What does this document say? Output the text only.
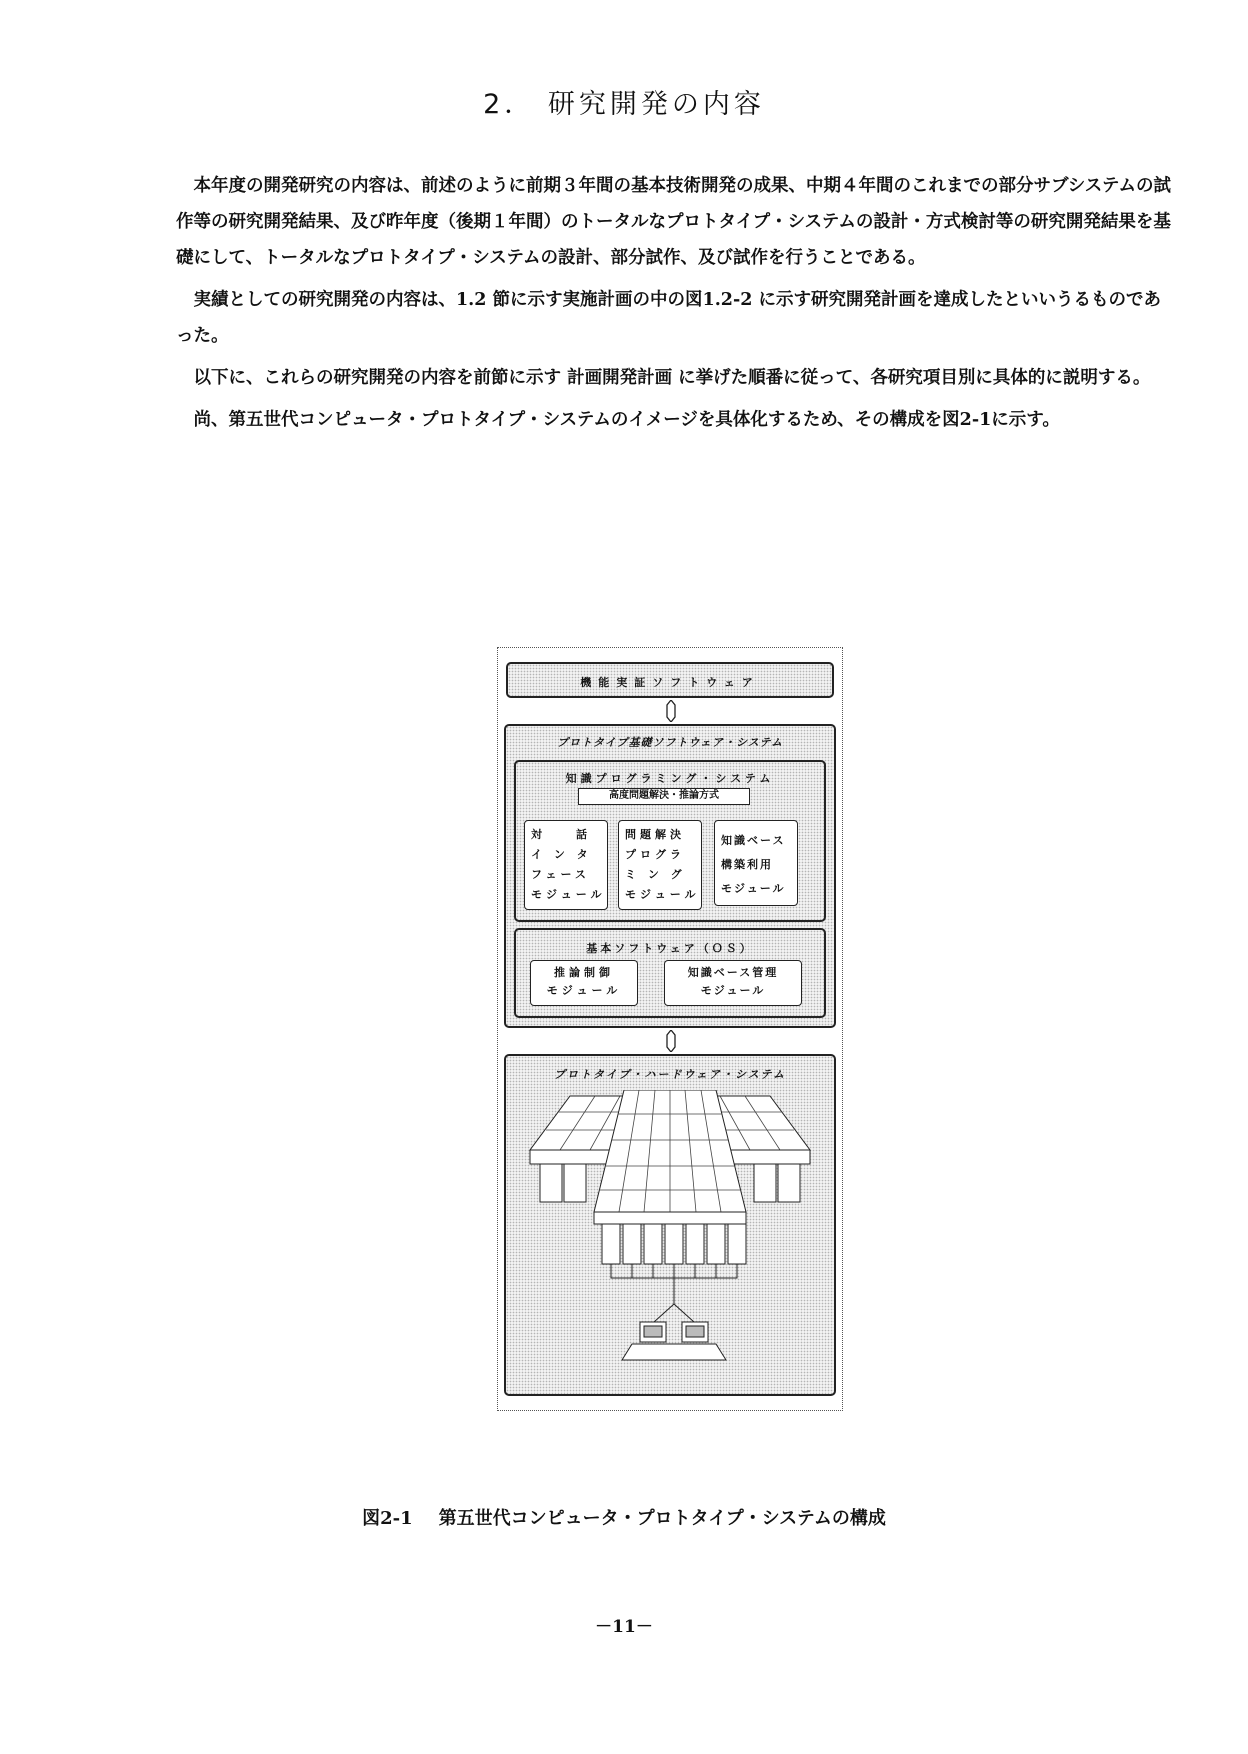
2． 研究開発の内容

本年度の開発研究の内容は、前述のように前期３年間の基本技術開発の成果、中期４年間のこれまでの部分サブシステムの試作等の研究開発結果、及び昨年度（後期１年間）のトータルなプロトタイプ・システムの設計・方式検討等の研究開発結果を基礎にして、トータルなプロトタイプ・システムの設計、部分試作、及び試作を行うことである。

実績としての研究開発の内容は、1.2 節に示す実施計画の中の図1.2-2 に示す研究開発計画を達成したといいうるものであった。

以下に、これらの研究開発の内容を前節に示す 計画開発計画 に挙げた順番に従って、各研究項目別に具体的に説明する。

尚、第五世代コンピュータ・プロトタイプ・システムのイメージを具体化するため、その構成を図2-1に示す。

機能実証ソフトウェア
プロトタイプ基礎ソフトウェア・システム
知識プログラミング・システム
高度問題解決・推論方式
対　　話
イ ン タ
フェース
モジュール
問題解決
プログラ
ミ ン グ
モジュール
知識ベース
構築利用
モジュール
基本ソフトウェア（ＯＳ）
推論制御
モジュール
知識ベース管理
モジュール
プロトタイプ・ハードウェア・システム
図2-1 第五世代コンピュータ・プロトタイプ・システムの構成
－11－
